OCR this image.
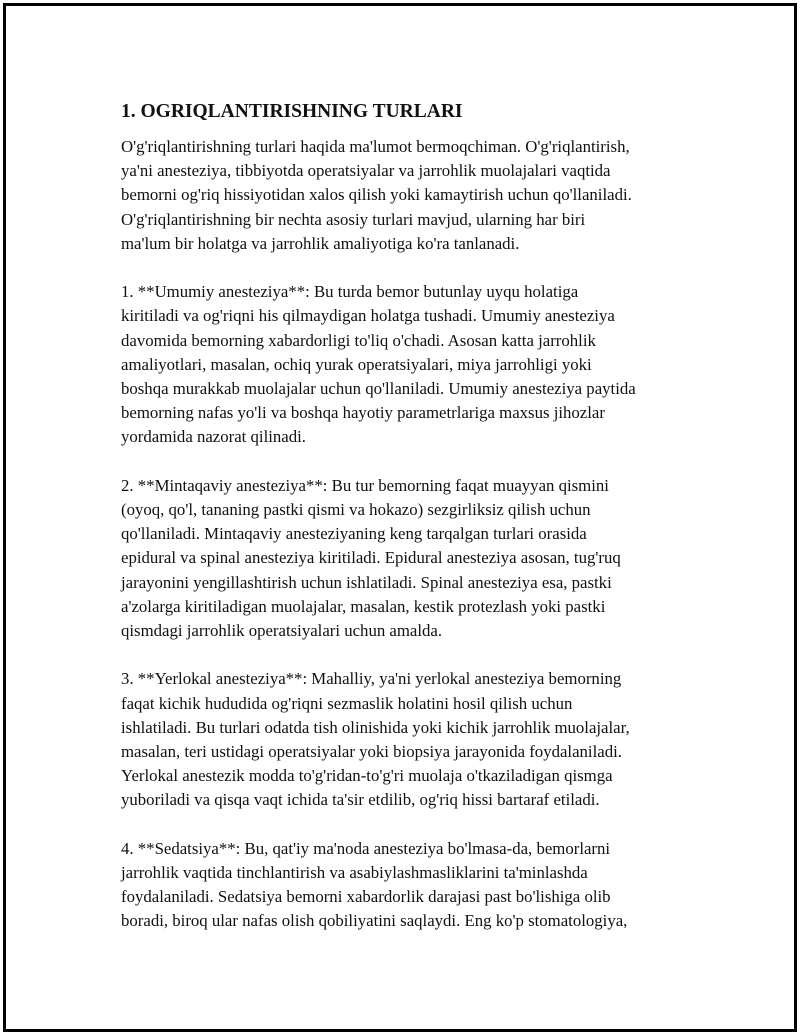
1. OGRIQLANTIRISHNING TURLARI

O'g'riqlantirishning turlari haqida ma'lumot bermoqchiman. O'g'riqlantirish,
ya'ni anesteziya, tibbiyotda operatsiyalar va jarrohlik muolajalari vaqtida
bemorni og'riq hissiyotidan xalos qilish yoki kamaytirish uchun qo'llaniladi.
O'g'riqlantirishning bir nechta asosiy turlari mavjud, ularning har biri
ma'lum bir holatga va jarrohlik amaliyotiga ko'ra tanlanadi.

1. **Umumiy anesteziya**: Bu turda bemor butunlay uyqu holatiga
kiritiladi va og'riqni his qilmaydigan holatga tushadi. Umumiy anesteziya
davomida bemorning xabardorligi to'liq o'chadi. Asosan katta jarrohlik
amaliyotlari, masalan, ochiq yurak operatsiyalari, miya jarrohligi yoki
boshqa murakkab muolajalar uchun qo'llaniladi. Umumiy anesteziya paytida
bemorning nafas yo'li va boshqa hayotiy parametrlariga maxsus jihozlar
yordamida nazorat qilinadi.

2. **Mintaqaviy anesteziya**: Bu tur bemorning faqat muayyan qismini
(oyoq, qo'l, tananing pastki qismi va hokazo) sezgirliksiz qilish uchun
qo'llaniladi. Mintaqaviy anesteziyaning keng tarqalgan turlari orasida
epidural va spinal anesteziya kiritiladi. Epidural anesteziya asosan, tug'ruq
jarayonini yengillashtirish uchun ishlatiladi. Spinal anesteziya esa, pastki
a'zolarga kiritiladigan muolajalar, masalan, kestik protezlash yoki pastki
qismdagi jarrohlik operatsiyalari uchun amalda.

3. **Yerlokal anesteziya**: Mahalliy, ya'ni yerlokal anesteziya bemorning
faqat kichik hududida og'riqni sezmaslik holatini hosil qilish uchun
ishlatiladi. Bu turlari odatda tish olinishida yoki kichik jarrohlik muolajalar,
masalan, teri ustidagi operatsiyalar yoki biopsiya jarayonida foydalaniladi.
Yerlokal anestezik modda to'g'ridan-to'g'ri muolaja o'tkaziladigan qismga
yuboriladi va qisqa vaqt ichida ta'sir etdilib, og'riq hissi bartaraf etiladi.

4. **Sedatsiya**: Bu, qat'iy ma'noda anesteziya bo'lmasa-da, bemorlarni
jarrohlik vaqtida tinchlantirish va asabiylashmasliklarini ta'minlashda
foydalaniladi. Sedatsiya bemorni xabardorlik darajasi past bo'lishiga olib
boradi, biroq ular nafas olish qobiliyatini saqlaydi. Eng ko'p stomatologiya,
